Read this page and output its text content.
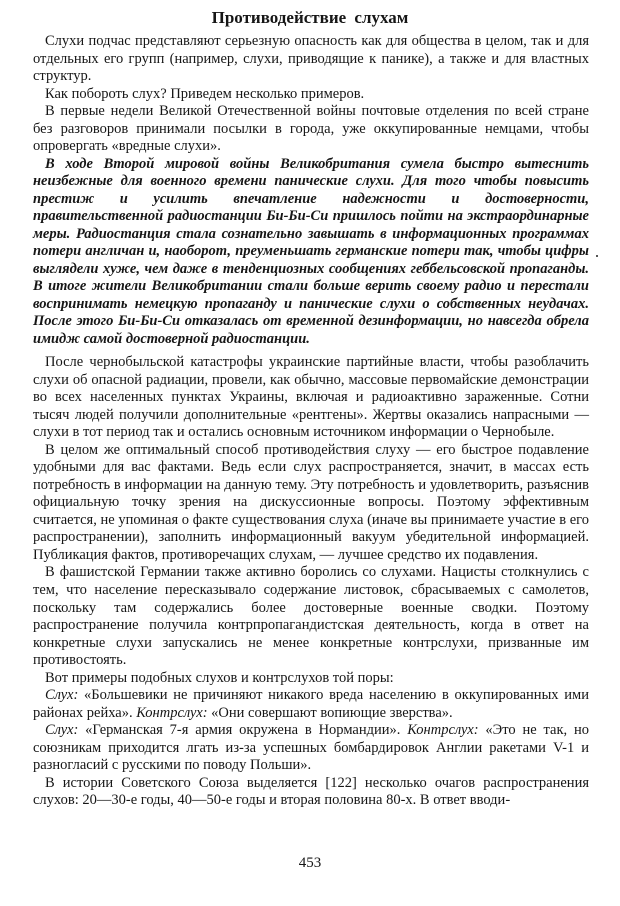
Противодействие слухам

Слухи подчас представляют серьезную опасность как для общества в целом, так и для отдельных его групп (например, слухи, приводящие к панике), а также и для властных структур.

Как побороть слух? Приведем несколько примеров.

В первые недели Великой Отечественной войны почтовые отделения по всей стране без разговоров принимали посылки в города, уже оккупированные немцами, чтобы опровергать «вредные слухи».

В ходе Второй мировой войны Великобритания сумела быстро вытеснить неизбежные для военного времени панические слухи. Для того чтобы повысить престиж и усилить впечатление надежности и достоверности, правительственной радиостанции Би-Би-Си пришлось пойти на экстраординарные меры. Радиостанция стала сознательно завышать в информационных программах потери англичан и, наоборот, преуменьшать германские потери так, чтобы цифры выглядели хуже, чем даже в тенденциозных сообщениях геббельсовской пропаганды. В итоге жители Великобритании стали больше верить своему радио и перестали воспринимать немецкую пропаганду и панические слухи о собственных неудачах. После этого Би-Би-Си отказалась от временной дезинформации, но навсегда обрела имидж самой достоверной радиостанции.

После чернобыльской катастрофы украинские партийные власти, чтобы разоблачить слухи об опасной радиации, провели, как обычно, массовые первомайские демонстрации во всех населенных пунктах Украины, включая и радиоактивно зараженные. Сотни тысяч людей получили дополнительные «рентгены». Жертвы оказались напрасными — слухи в тот период так и остались основным источником информации о Чернобыле.

В целом же оптимальный способ противодействия слуху — его быстрое подавление удобными для вас фактами. Ведь если слух распространяется, значит, в массах есть потребность в информации на данную тему. Эту потребность и удовлетворить, разъяснив официальную точку зрения на дискуссионные вопросы. Поэтому эффективным считается, не упоминая о факте существования слуха (иначе вы принимаете участие в его распространении), заполнить информационный вакуум убедительной информацией. Публикация фактов, противоречащих слухам, — лучшее средство их подавления.

В фашистской Германии также активно боролись со слухами. Нацисты столкнулись с тем, что население пересказывало содержание листовок, сбрасываемых с самолетов, поскольку там содержались более достоверные военные сводки. Поэтому распространение получила контрпропагандистская деятельность, когда в ответ на конкретные слухи запускались не менее конкретные контрслухи, призванные им противостоять.

Вот примеры подобных слухов и контрслухов той поры:

Слух: «Большевики не причиняют никакого вреда населению в оккупированных ими районах рейха». Контрслух: «Они совершают вопиющие зверства».

Слух: «Германская 7-я армия окружена в Нормандии». Контрслух: «Это не так, но союзникам приходится лгать из-за успешных бомбардировок Англии ракетами V-1 и разногласий с русскими по поводу Польши».

В истории Советского Союза выделяется [122] несколько очагов распространения слухов: 20—30-е годы, 40—50-е годы и вторая половина 80-х. В ответ вводи-

453
